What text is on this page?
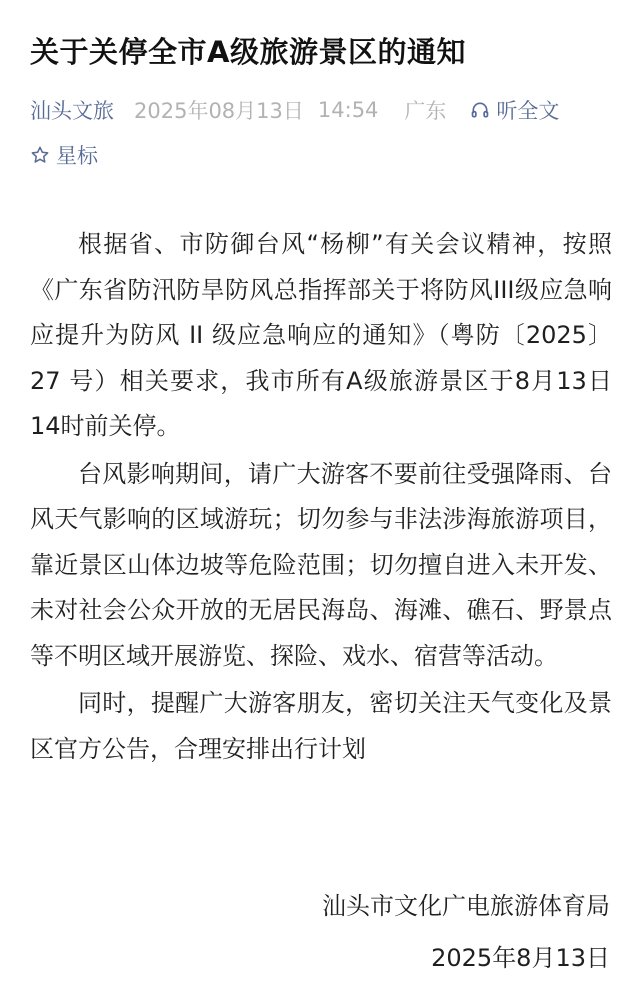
关于关停全市A级旅游景区的通知
汕头文旅 2025年08月13日 14:54 广东 听全文
星标

根据省、市防御台风“杨柳”有关会议精神，按照《广东省防汛防旱防风总指挥部关于将防风III级应急响应提升为防风 II 级应急响应的通知》（粤防〔2025〕27 号）相关要求，我市所有A级旅游景区于8月13日14时前关停。

台风影响期间，请广大游客不要前往受强降雨、台风天气影响的区域游玩；切勿参与非法涉海旅游项目，靠近景区山体边坡等危险范围；切勿擅自进入未开发、未对社会公众开放的无居民海岛、海滩、礁石、野景点等不明区域开展游览、探险、戏水、宿营等活动。

同时，提醒广大游客朋友，密切关注天气变化及景区官方公告，合理安排出行计划

汕头市文化广电旅游体育局
2025年8月13日
